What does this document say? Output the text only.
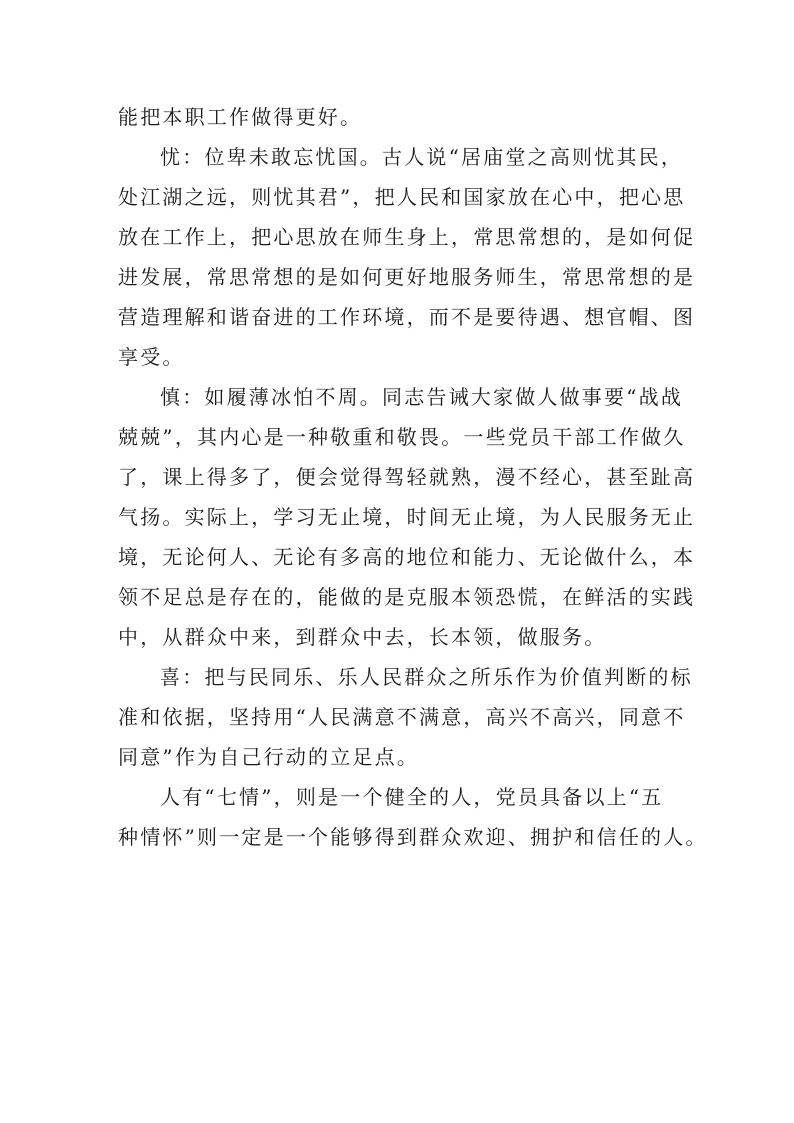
能把本职工作做得更好。
忧：位卑未敢忘忧国。古人说“居庙堂之高则忧其民，
处江湖之远，则忧其君”，把人民和国家放在心中，把心思
放在工作上，把心思放在师生身上，常思常想的，是如何促
进发展，常思常想的是如何更好地服务师生，常思常想的是
营造理解和谐奋进的工作环境，而不是要待遇、想官帽、图
享受。
慎：如履薄冰怕不周。同志告诫大家做人做事要“战战
兢兢”，其内心是一种敬重和敬畏。一些党员干部工作做久
了，课上得多了，便会觉得驾轻就熟，漫不经心，甚至趾高
气扬。实际上，学习无止境，时间无止境，为人民服务无止
境，无论何人、无论有多高的地位和能力、无论做什么，本
领不足总是存在的，能做的是克服本领恐慌，在鲜活的实践
中，从群众中来，到群众中去，长本领，做服务。
喜：把与民同乐、乐人民群众之所乐作为价值判断的标
准和依据，坚持用“人民满意不满意，高兴不高兴，同意不
同意”作为自己行动的立足点。
人有“七情”，则是一个健全的人，党员具备以上“五
种情怀”则一定是一个能够得到群众欢迎、拥护和信任的人。
